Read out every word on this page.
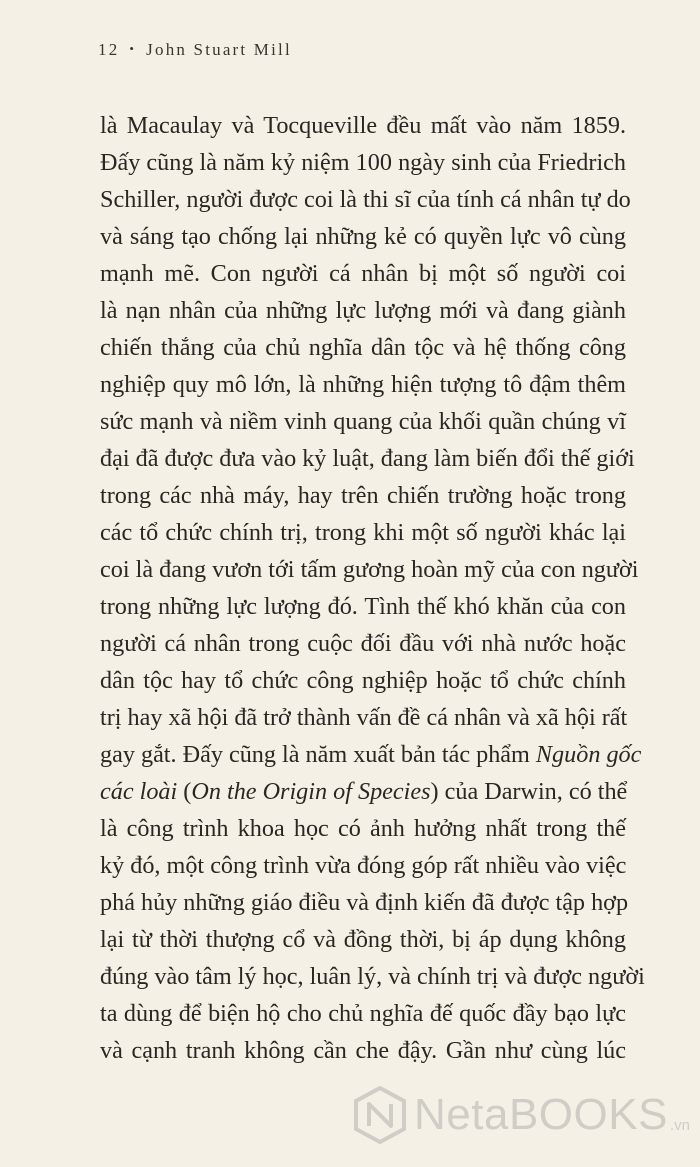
12 • John Stuart Mill
là Macaulay và Tocqueville đều mất vào năm 1859.
Đấy cũng là năm kỷ niệm 100 ngày sinh của Friedrich
Schiller, người được coi là thi sĩ của tính cá nhân tự do
và sáng tạo chống lại những kẻ có quyền lực vô cùng
mạnh mẽ. Con người cá nhân bị một số người coi
là nạn nhân của những lực lượng mới và đang giành
chiến thắng của chủ nghĩa dân tộc và hệ thống công
nghiệp quy mô lớn, là những hiện tượng tô đậm thêm
sức mạnh và niềm vinh quang của khối quần chúng vĩ
đại đã được đưa vào kỷ luật, đang làm biến đổi thế giới
trong các nhà máy, hay trên chiến trường hoặc trong
các tổ chức chính trị, trong khi một số người khác lại
coi là đang vươn tới tấm gương hoàn mỹ của con người
trong những lực lượng đó. Tình thế khó khăn của con
người cá nhân trong cuộc đối đầu với nhà nước hoặc
dân tộc hay tổ chức công nghiệp hoặc tổ chức chính
trị hay xã hội đã trở thành vấn đề cá nhân và xã hội rất
gay gắt. Đấy cũng là năm xuất bản tác phẩm Nguồn gốc
các loài (On the Origin of Species) của Darwin, có thể
là công trình khoa học có ảnh hưởng nhất trong thế
kỷ đó, một công trình vừa đóng góp rất nhiều vào việc
phá hủy những giáo điều và định kiến đã được tập hợp
lại từ thời thượng cổ và đồng thời, bị áp dụng không
đúng vào tâm lý học, luân lý, và chính trị và được người
ta dùng để biện hộ cho chủ nghĩa đế quốc đầy bạo lực
và cạnh tranh không cần che đậy. Gần như cùng lúc
NetaBOOKS .vn
